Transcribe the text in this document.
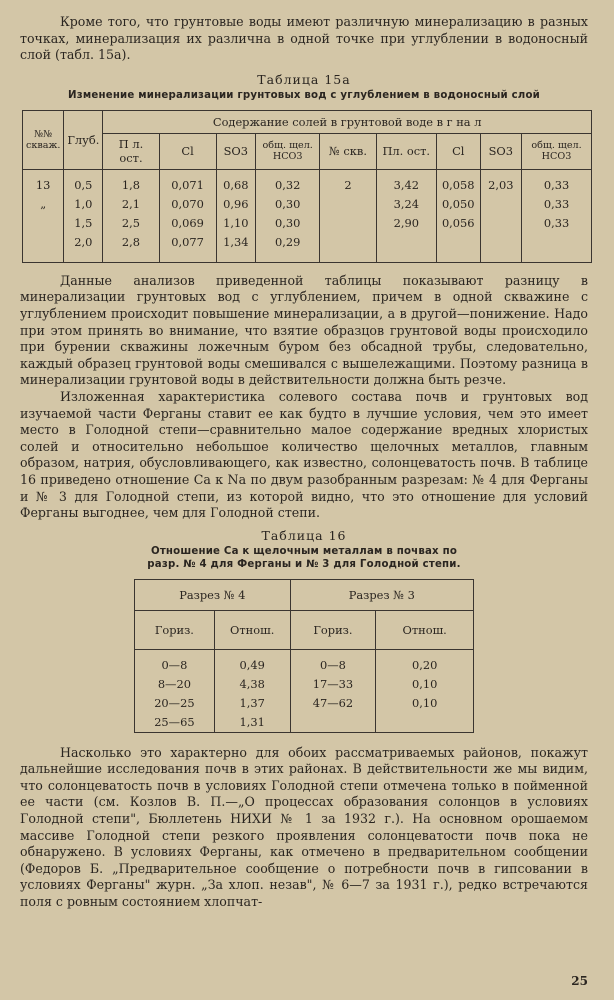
Кроме того, что грунтовые воды имеют различную минерализацию в разных точках, минерализация их различна в одной точке при углублении в водоносный слой (табл. 15а).

Таблица 15а
Изменение минерализации грунтовых вод с углублением в водоносный слой
№№ скваж.	Глуб.	Содержание солей в грунтовой воде в г на л								
		П л. ост.	Cl	SO3	общ. щел. HCO3	№ скв.	Пл. ост.	Cl	SO3	общ. щел. HCO3
13	0,5	1,8	0,071	0,68	0,32	2	3,42	0,058	2,03	0,33
„	1,0	2,1	0,070	0,96	0,30		3,24	0,050		0,33
	1,5	2,5	0,069	1,10	0,30		2,90	0,056		0,33
	2,0	2,8	0,077	1,34	0,29					

Данные анализов приведенной таблицы показывают разницу в минерализации грунтовых вод с углублением, причем в одной скважине с углублением происходит повышение минерализации, а в другой—понижение. Надо при этом принять во внимание, что взятие образцов грунтовой воды происходило при бурении скважины ложечным буром без обсадной трубы, следовательно, каждый образец грунтовой воды смешивался с вышележащими. Поэтому разница в минерализации грунтовой воды в действительности должна быть резче.

Изложенная характеристика солевого состава почв и грунтовых вод изучаемой части Ферганы ставит ее как будто в лучшие условия, чем это имеет место в Голодной степи—сравнительно малое содержание вредных хлористых солей и относительно небольшое количество щелочных металлов, главным образом, натрия, обусловливающего, как известно, солонцеватость почв. В таблице 16 приведено отношение Са к Na по двум разобранным разрезам: № 4 для Ферганы и № 3 для Голодной степи, из которой видно, что это отношение для условий Ферганы выгоднее, чем для Голодной степи.

Таблица 16
Отношение Са к щелочным металлам в почвах по
разр. № 4 для Ферганы и № 3 для Голодной степи.
Разрез № 4		Разрез № 3	
Гориз.	Отнош.	Гориз.	Отнош.
0—8	0,49	0—8	0,20
8—20	4,38	17—33	0,10
20—25	1,37	47—62	0,10
25—65	1,31		

Насколько это характерно для обоих рассматриваемых районов, покажут дальнейшие исследования почв в этих районах. В действительности же мы видим, что солонцеватость почв в условиях Голодной степи отмечена только в пойменной ее части (см. Козлов В. П.—„О процессах образования солонцов в условиях Голодной степи", Бюллетень НИХИ № 1 за 1932 г.). На основном орошаемом массиве Голодной степи резкого проявления солонцеватости почв пока не обнаружено. В условиях Ферганы, как отмечено в предварительном сообщении (Федоров Б. „Предварительное сообщение о потребности почв в гипсовании в условиях Ферганы" журн. „За хлоп. незав", № 6—7 за 1931 г.), редко встречаются поля с ровным состоянием хлопчат-

25
